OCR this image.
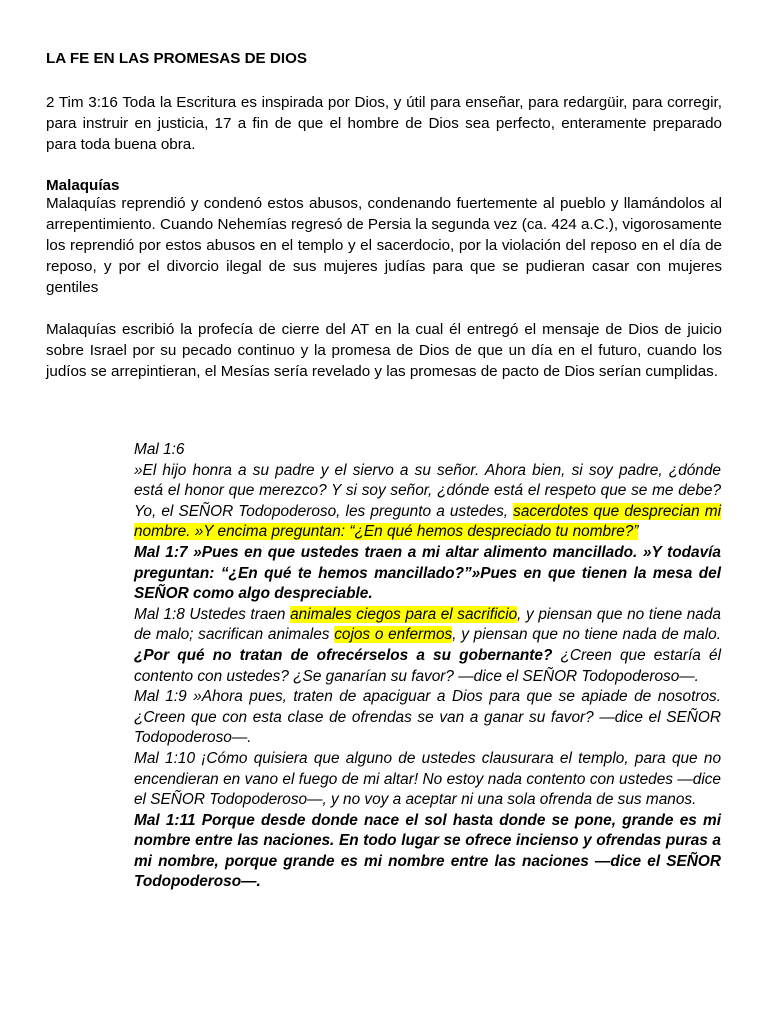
LA FE EN LAS PROMESAS DE DIOS
2 Tim 3:16 Toda la Escritura es inspirada por Dios, y útil para enseñar, para redargüir, para corregir, para instruir en justicia, 17 a fin de que el hombre de Dios sea perfecto, enteramente preparado para toda buena obra.
Malaquías
Malaquías reprendió y condenó estos abusos, condenando fuertemente al pueblo y llamándolos al arrepentimiento. Cuando Nehemías regresó de Persia la segunda vez (ca. 424 a.C.), vigorosamente los reprendió por estos abusos en el templo y el sacerdocio, por la violación del reposo en el día de reposo, y por el divorcio ilegal de sus mujeres judías para que se pudieran casar con mujeres gentiles
Malaquías escribió la profecía de cierre del AT en la cual él entregó el mensaje de Dios de juicio sobre Israel por su pecado continuo y la promesa de Dios de que un día en el futuro, cuando los judíos se arrepintieran, el Mesías sería revelado y las promesas de pacto de Dios serían cumplidas.
Mal 1:6
»El hijo honra a su padre y el siervo a su señor. Ahora bien, si soy padre, ¿dónde está el honor que merezco? Y si soy señor, ¿dónde está el respeto que se me debe? Yo, el SEÑOR Todopoderoso, les pregunto a ustedes, sacerdotes que desprecian mi nombre. »Y encima preguntan: “¿En qué hemos despreciado tu nombre?”
Mal 1:7 »Pues en que ustedes traen a mi altar alimento mancillado. »Y todavía preguntan: “¿En qué te hemos mancillado?”»Pues en que tienen la mesa del SEÑOR como algo despreciable.
Mal 1:8 Ustedes traen animales ciegos para el sacrificio, y piensan que no tiene nada de malo; sacrifican animales cojos o enfermos, y piensan que no tiene nada de malo. ¿Por qué no tratan de ofrecérselos a su gobernante? ¿Creen que estaría él contento con ustedes? ¿Se ganarían su favor? —dice el SEÑOR Todopoderoso—.
Mal 1:9 »Ahora pues, traten de apaciguar a Dios para que se apiade de nosotros. ¿Creen que con esta clase de ofrendas se van a ganar su favor? —dice el SEÑOR Todopoderoso—.
Mal 1:10 ¡Cómo quisiera que alguno de ustedes clausurara el templo, para que no encendieran en vano el fuego de mi altar! No estoy nada contento con ustedes —dice el SEÑOR Todopoderoso—, y no voy a aceptar ni una sola ofrenda de sus manos.
Mal 1:11 Porque desde donde nace el sol hasta donde se pone, grande es mi nombre entre las naciones. En todo lugar se ofrece incienso y ofrendas puras a mi nombre, porque grande es mi nombre entre las naciones —dice el SEÑOR Todopoderoso—.
